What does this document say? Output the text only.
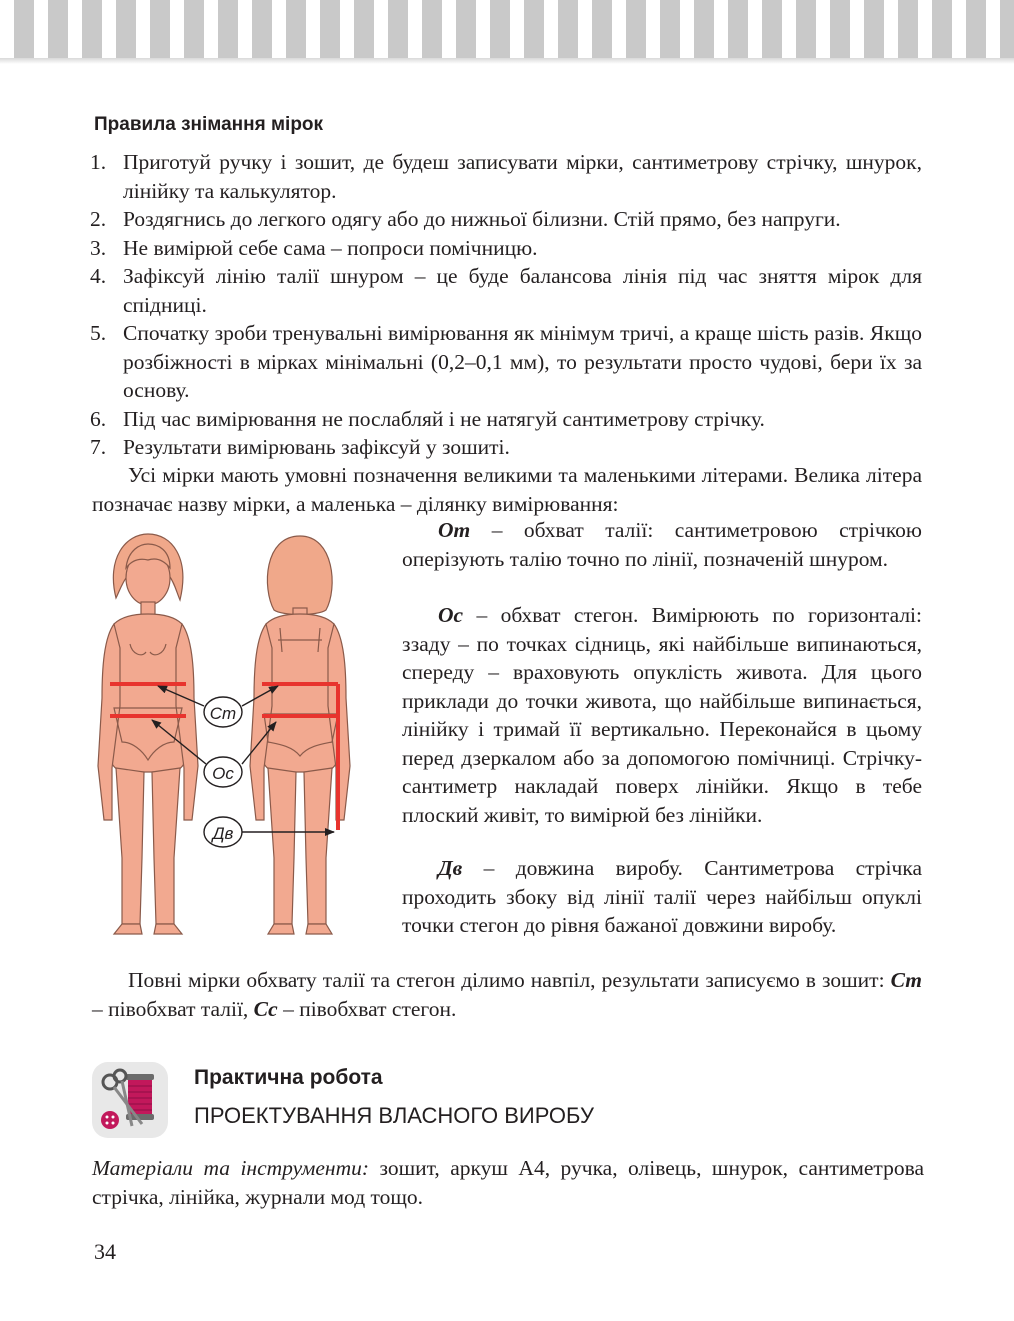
Правила знімання мірок
1. Приготуй ручку і зошит, де будеш записувати мірки, сантиметрову стрічку, шнурок, лінійку та калькулятор.
2. Роздягнись до легкого одягу або до нижньої білизни. Стій прямо, без напруги.
3. Не вимірюй себе сама – попроси помічницю.
4. Зафіксуй лінію талії шнуром – це буде балансова лінія під час зняття мірок для спідниці.
5. Спочатку зроби тренувальні вимірювання як мінімум тричі, а краще шість разів. Якщо розбіжності в мірках мінімальні (0,2–0,1 мм), то результати просто чудові, бери їх за основу.
6. Під час вимірювання не послабляй і не натягуй сантиметрову стрічку.
7. Результати вимірювань зафіксуй у зошиті.

Усі мірки мають умовні позначення великими та маленькими літерами. Велика літера позначає назву мірки, а маленька – ділянку вимірювання:

Ст
Ос
Дв

От – обхват талії: сантиметровою стрічкою оперізують талію точно по лінії, позначеній шнуром.

Ос – обхват стегон. Вимірюють по горизонталі: ззаду – по точках сідниць, які найбільше випинаються, спереду – враховують опуклість живота. Для цього приклади до точки живота, що найбільше випинається, лінійку і тримай її вертикально. Переконайся в цьому перед дзеркалом або за допомогою помічниці. Стрічку-сантиметр накладай поверх лінійки. Якщо в тебе плоский живіт, то вимірюй без лінійки.

Дв – довжина виробу. Сантиметрова стрічка проходить збоку від лінії талії через найбільш опуклі точки стегон до рівня бажаної довжини виробу.

Повні мірки обхвату талії та стегон ділимо навпіл, результати записуємо в зошит: Ст – півобхват талії, Сс – півобхват стегон.

Практична робота
ПРОЕКТУВАННЯ ВЛАСНОГО ВИРОБУ

Матеріали та інструменти: зошит, аркуш А4, ручка, олівець, шнурок, сантиметрова стрічка, лінійка, журнали мод тощо.

34
